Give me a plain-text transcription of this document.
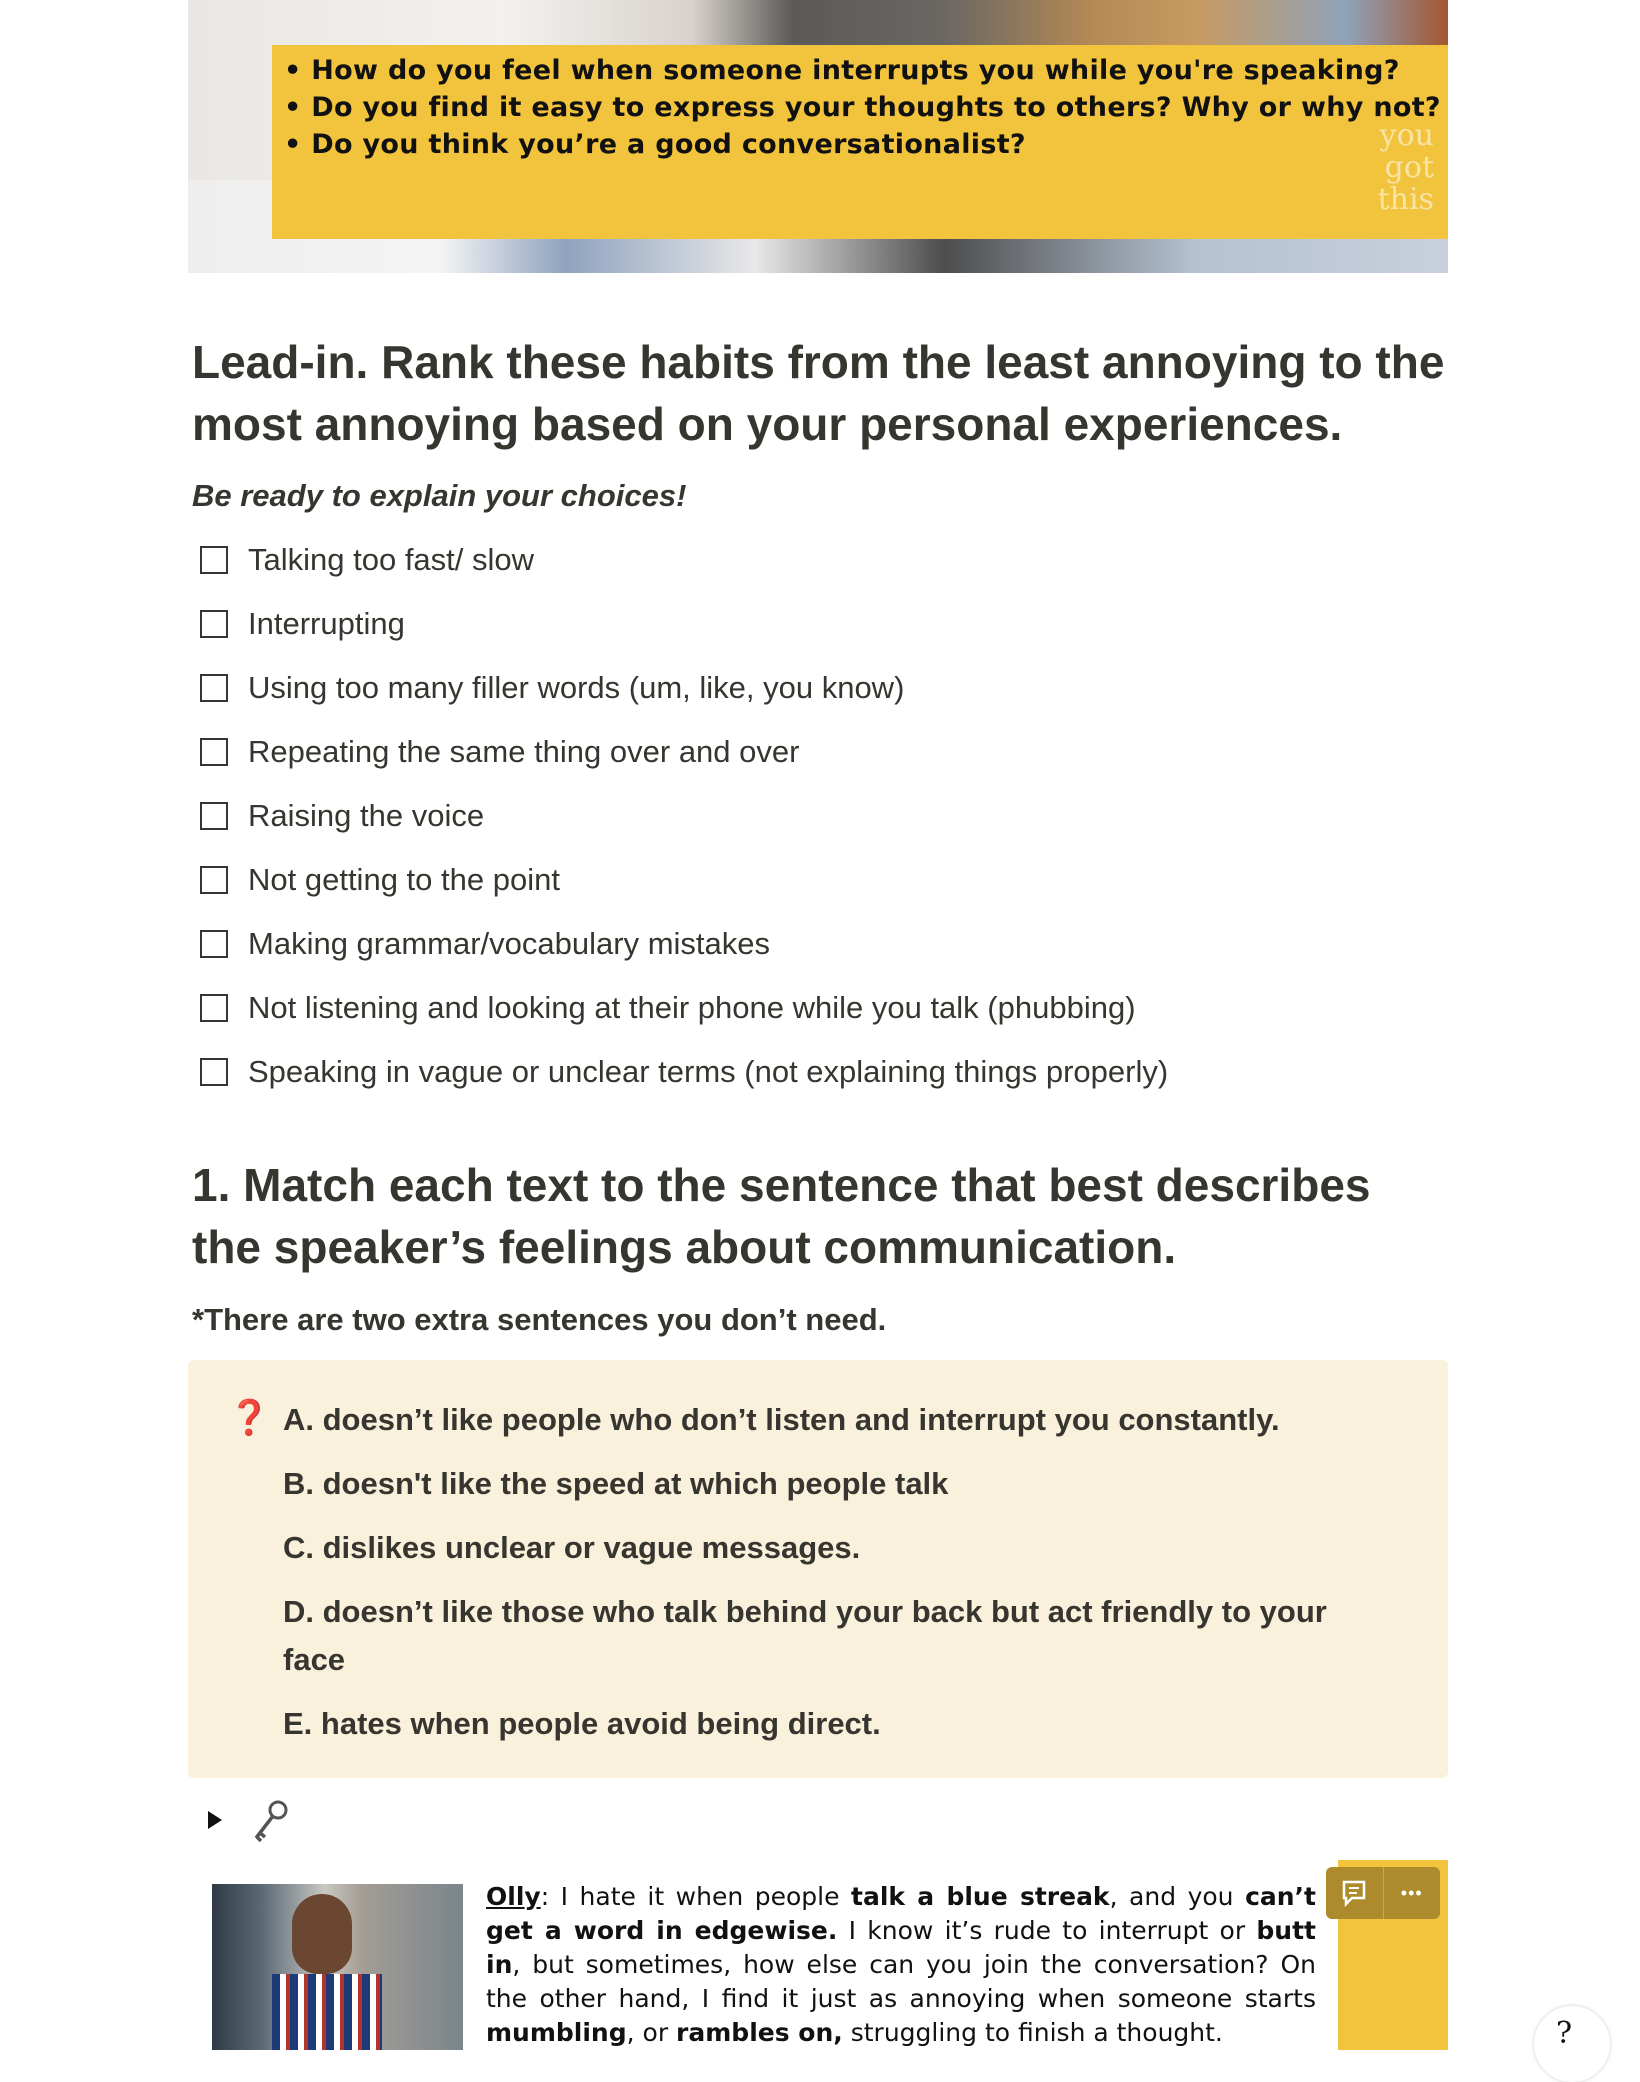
• How do you feel when someone interrupts you while you're speaking?

• Do you find it easy to express your thoughts to others? Why or why not?

• Do you think you’re a good conversationalist?	you got this
Lead-in. Rank these habits from the least annoying to the most annoying based on your personal experiences.
Be ready to explain your choices!
Talking too fast/ slow
Interrupting
Using too many filler words (um, like, you know)
Repeating the same thing over and over
Raising the voice
Not getting to the point
Making grammar/vocabulary mistakes
Not listening and looking at their phone while you talk (phubbing)
Speaking in vague or unclear terms (not explaining things properly)
1. Match each text to the sentence that best describes the speaker’s feelings about communication.
*There are two extra sentences you don’t need.
❓ A. doesn’t like people who don’t listen and interrupt you constantly.
B. doesn't like the speed at which people talk
C. dislikes unclear or vague messages.
D. doesn’t like those who talk behind your back but act friendly to your face
E. hates when people avoid being direct.
Olly: I hate it when people talk a blue streak, and you can’t get a word in edgewise. I know it’s rude to interrupt or butt in, but sometimes, how else can you join the conversation? On the other hand, I find it just as annoying when someone starts mumbling, or rambles on, struggling to finish a thought.
•••
?
